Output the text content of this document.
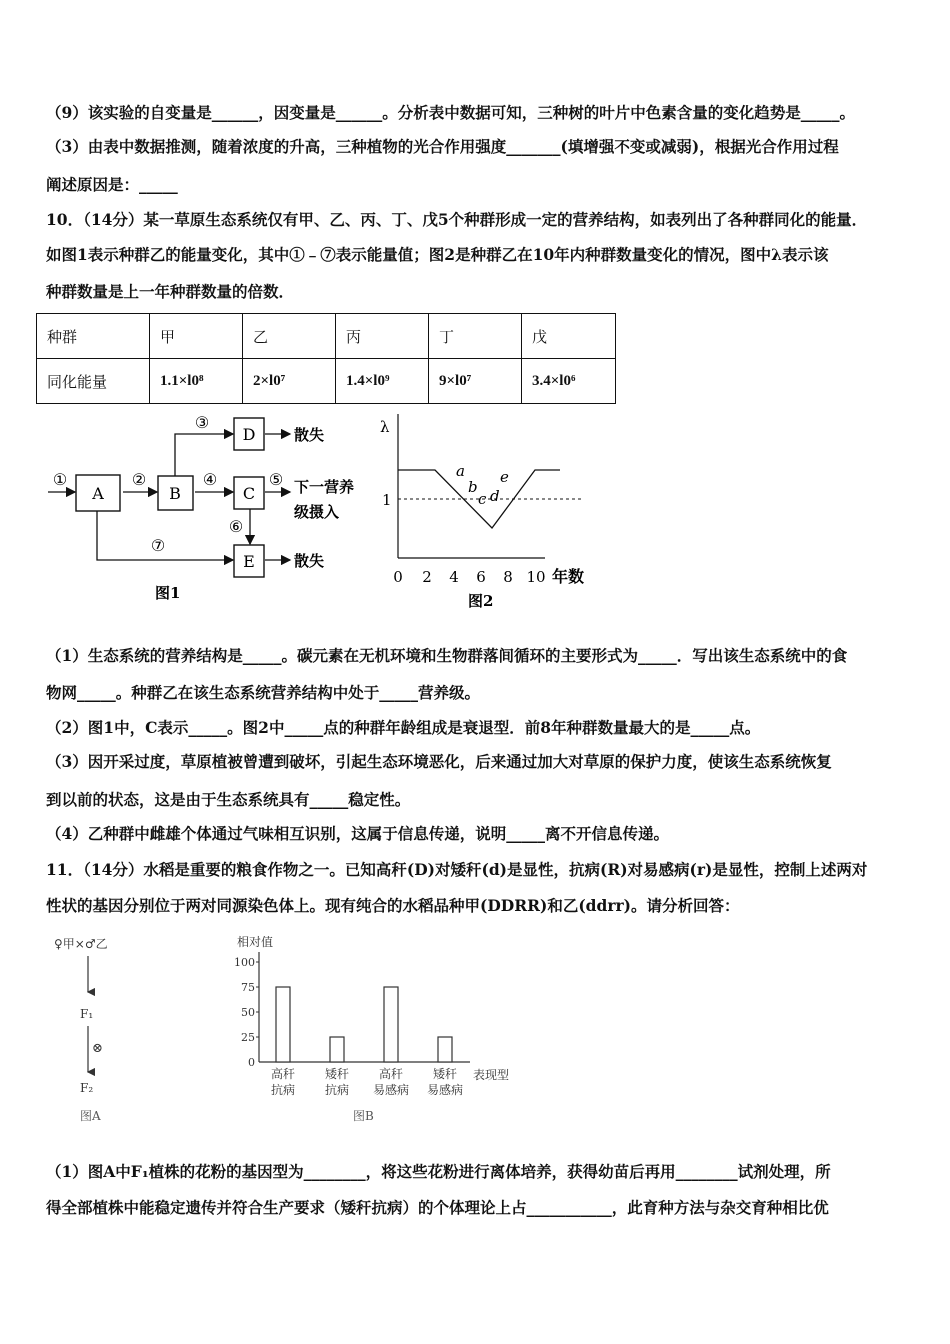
（9）该实验的自变量是______，因变量是______。分析表中数据可知，三种树的叶片中色素含量的变化趋势是_____。
（3）由表中数据推测，随着浓度的升高，三种植物的光合作用强度_______(填增强不变或减弱)，根据光合作用过程
阐述原因是：_____
10．（14分）某一草原生态系统仅有甲、乙、丙、丁、戊5个种群形成一定的营养结构，如表列出了各种群同化的能量．
如图1表示种群乙的能量变化，其中①﹣⑦表示能量值；图2是种群乙在10年内种群数量变化的情况，图中λ表示该
种群数量是上一年种群数量的倍数．
种群	甲	乙	丙	丁	戊
同化能量	1.1×l0⁸	2×l0⁷	1.4×l0⁹	9×l0⁷	3.4×l0⁶
A	B	C
D
E
①	②
③
④	⑤
⑥
⑦
散失
下一营养
级摄入
散失
图1
λ
1
a
b
c d
e
0 2 4 6 8 10 年数
图2
（1）生态系统的营养结构是_____。碳元素在无机环境和生物群落间循环的主要形式为_____．写出该生态系统中的食
物网_____。种群乙在该生态系统营养结构中处于_____营养级。
（2）图1中，C表示_____。图2中_____点的种群年龄组成是衰退型．前8年种群数量最大的是_____点。
（3）因开采过度，草原植被曾遭到破坏，引起生态环境恶化，后来通过加大对草原的保护力度，使该生态系统恢复
到以前的状态，这是由于生态系统具有_____稳定性。
（4）乙种群中雌雄个体通过气味相互识别，这属于信息传递，说明_____离不开信息传递。
11．（14分）水稻是重要的粮食作物之一。已知高秆(D)对矮秆(d)是显性，抗病(R)对易感病(r)是显性，控制上述两对
性状的基因分别位于两对同源染色体上。现有纯合的水稻品种甲(DDRR)和乙(ddrr)。请分析回答：
♀甲×♂乙
F₁
⊗
F₂
图A
相对值
表现型
图B
0
25
50
75
100
高秆
抗病
矮秆
抗病
高秆
易感病
矮秆
易感病
（1）图A中F₁植株的花粉的基因型为________，将这些花粉进行离体培养，获得幼苗后再用________试剂处理，所
得全部植株中能稳定遗传并符合生产要求（矮秆抗病）的个体理论上占___________，此育种方法与杂交育种相比优
